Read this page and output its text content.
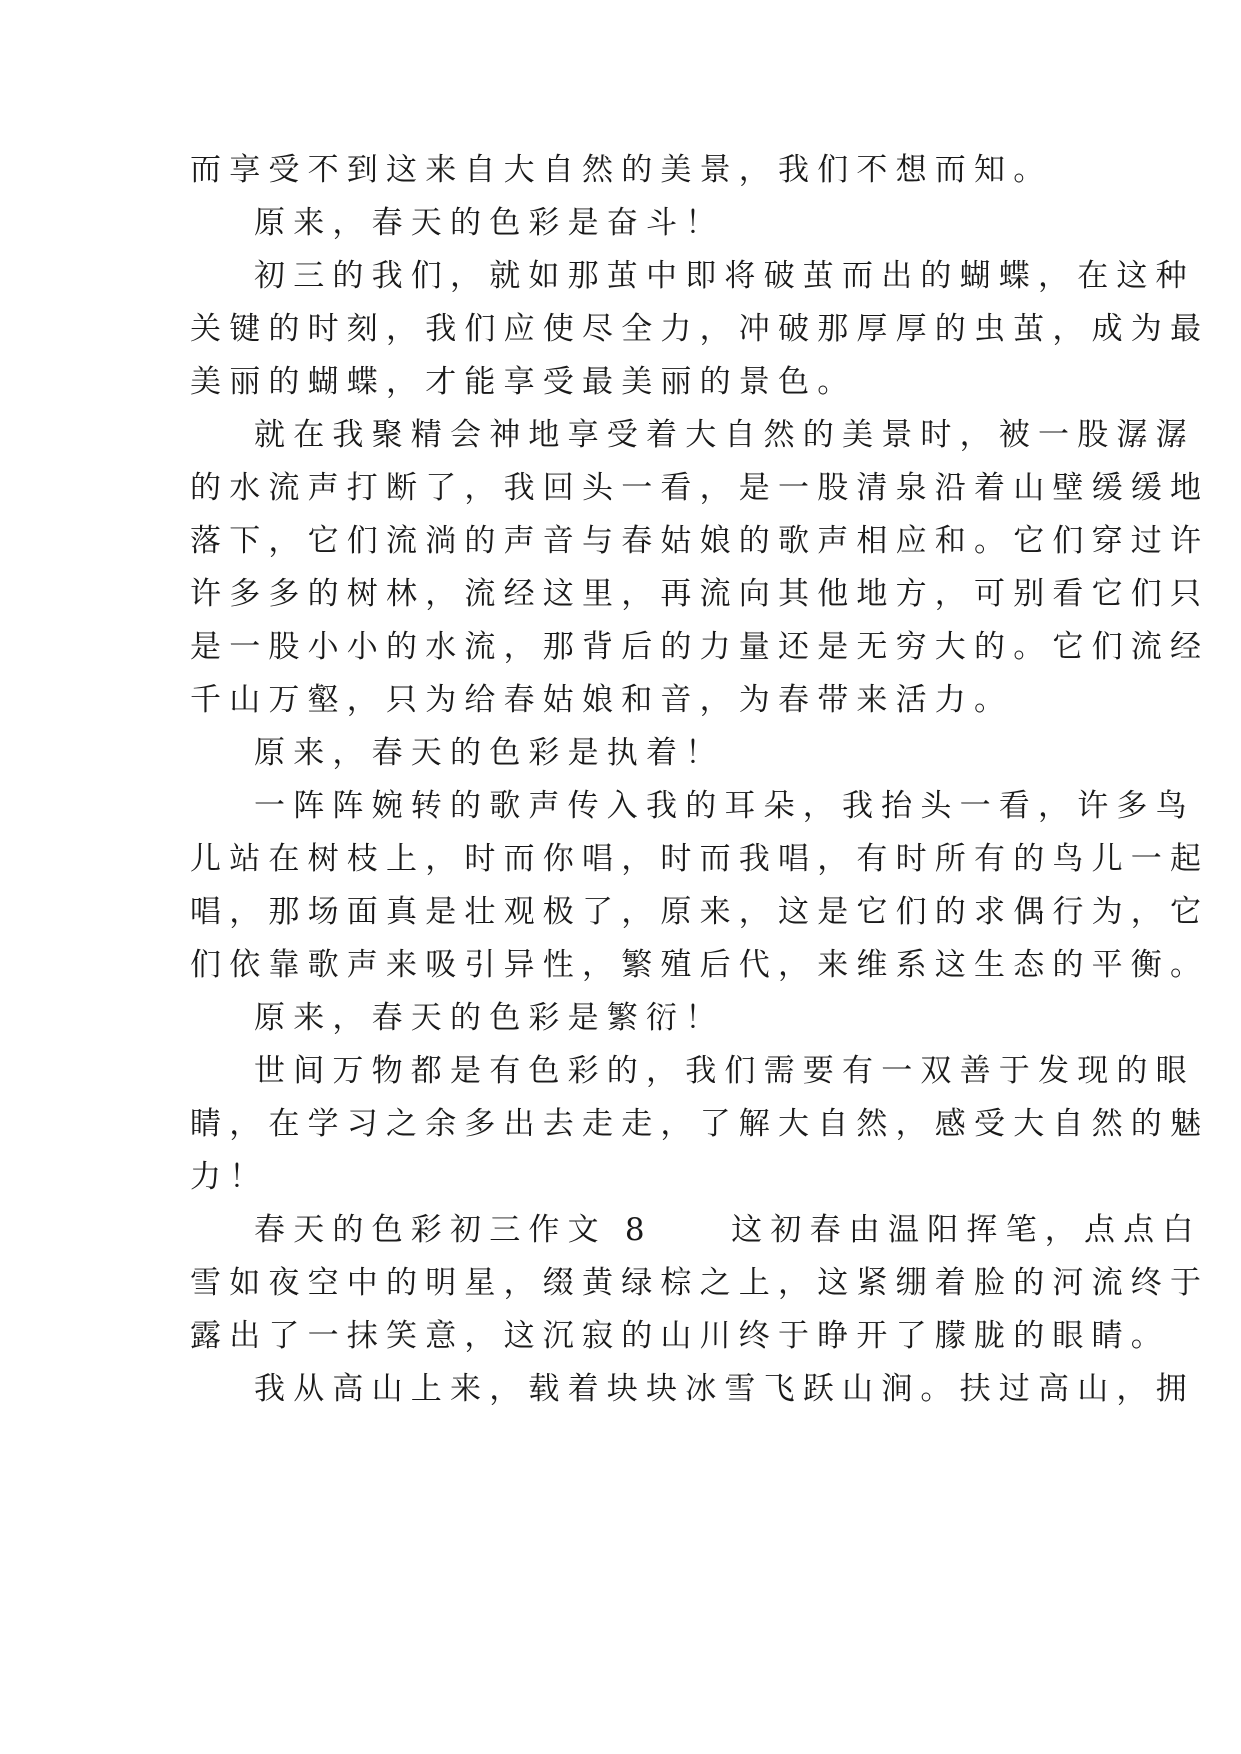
而享受不到这来自大自然的美景，我们不想而知。
原来，春天的色彩是奋斗！
初三的我们，就如那茧中即将破茧而出的蝴蝶，在这种
关键的时刻，我们应使尽全力，冲破那厚厚的虫茧，成为最
美丽的蝴蝶，才能享受最美丽的景色。
就在我聚精会神地享受着大自然的美景时，被一股潺潺
的水流声打断了，我回头一看，是一股清泉沿着山壁缓缓地
落下，它们流淌的声音与春姑娘的歌声相应和。它们穿过许
许多多的树林，流经这里，再流向其他地方，可别看它们只
是一股小小的水流，那背后的力量还是无穷大的。它们流经
千山万壑，只为给春姑娘和音，为春带来活力。
原来，春天的色彩是执着！
一阵阵婉转的歌声传入我的耳朵，我抬头一看，许多鸟
儿站在树枝上，时而你唱，时而我唱，有时所有的鸟儿一起
唱，那场面真是壮观极了，原来，这是它们的求偶行为，它
们依靠歌声来吸引异性，繁殖后代，来维系这生态的平衡。
原来，春天的色彩是繁衍！
世间万物都是有色彩的，我们需要有一双善于发现的眼
睛，在学习之余多出去走走，了解大自然，感受大自然的魅
力！
春天的色彩初三作文 8　　这初春由温阳挥笔，点点白
雪如夜空中的明星，缀黄绿棕之上，这紧绷着脸的河流终于
露出了一抹笑意，这沉寂的山川终于睁开了朦胧的眼睛。
我从高山上来，载着块块冰雪飞跃山涧。扶过高山，拥
